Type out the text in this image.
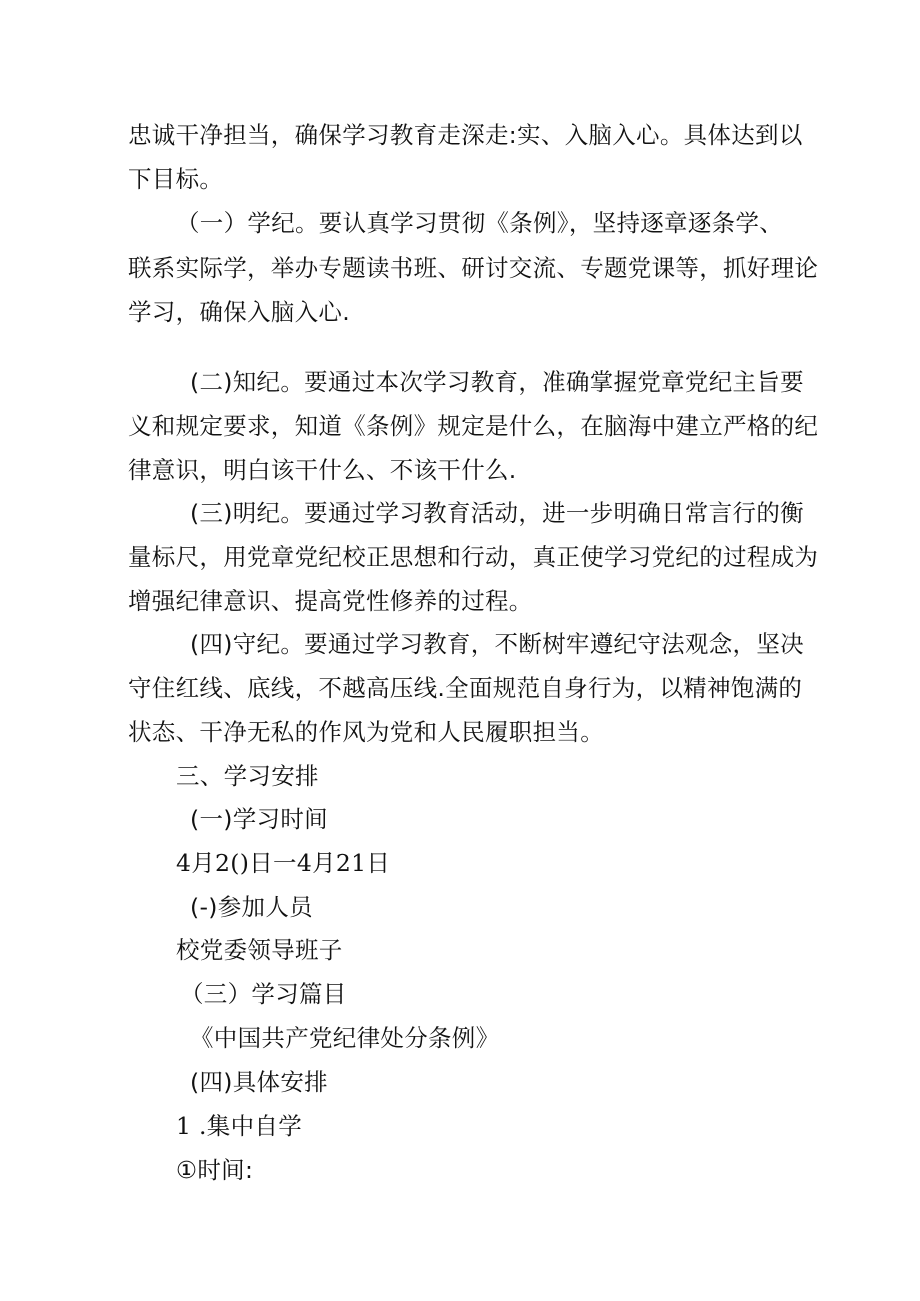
忠诚干净担当，确保学习教育走深走:实、入脑入心。具体达到以
下目标。
（一）学纪。要认真学习贯彻《条例》，坚持逐章逐条学、
联系实际学，举办专题读书班、研讨交流、专题党课等，抓好理论
学习，确保入脑入心.
(二)知纪。要通过本次学习教育，准确掌握党章党纪主旨要
义和规定要求，知道《条例》规定是什么，在脑海中建立严格的纪
律意识，明白该干什么、不该干什么.
(三)明纪。要通过学习教育活动，进一步明确日常言行的衡
量标尺，用党章党纪校正思想和行动，真正使学习党纪的过程成为
增强纪律意识、提高党性修养的过程。
(四)守纪。要通过学习教育，不断树牢遵纪守法观念，坚决
守住红线、底线，不越高压线.全面规范自身行为，以精神饱满的
状态、干净无私的作风为党和人民履职担当。
三、学习安排
(一)学习时间
4月2()日一4月21日
(-)参加人员
校党委领导班子
（三）学习篇目
《中国共产党纪律处分条例》
(四)具体安排
1 .集中自学
①时间:
